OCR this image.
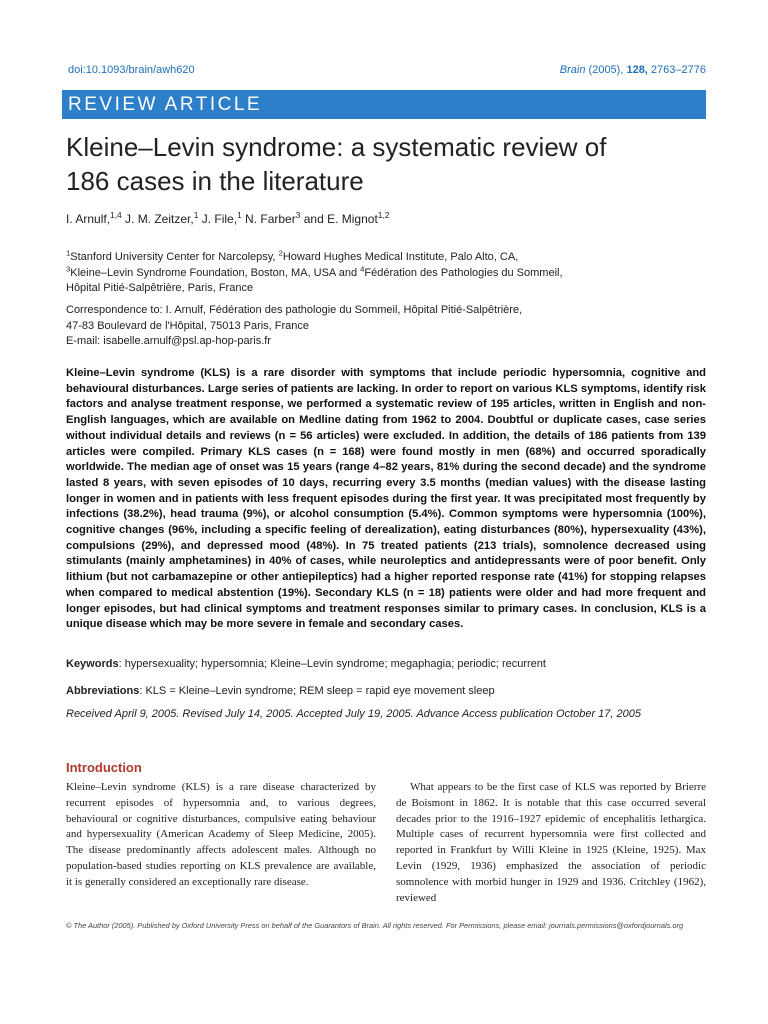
doi:10.1093/brain/awh620	Brain (2005), 128, 2763–2776
REVIEW ARTICLE
Kleine–Levin syndrome: a systematic review of
186 cases in the literature
I. Arnulf,$^{1,4}$ J. M. Zeitzer,$^1$ J. File,$^1$ N. Farber$^3$ and E. Mignot$^{1,2}$
$^1$Stanford University Center for Narcolepsy, $^2$Howard Hughes Medical Institute, Palo Alto, CA,
$^3$Kleine–Levin Syndrome Foundation, Boston, MA, USA and $^4$Fédération des Pathologies du Sommeil,
Hôpital Pitié-Salpêtrière, Paris, France
Correspondence to: I. Arnulf, Fédération des pathologie du Sommeil, Hôpital Pitié-Salpêtrière,
47-83 Boulevard de l'Hôpital, 75013 Paris, France
E-mail: isabelle.arnulf@psl.ap-hop-paris.fr
Kleine–Levin syndrome (KLS) is a rare disorder with symptoms that include periodic hypersomnia, cognitive and behavioural disturbances. Large series of patients are lacking. In order to report on various KLS symptoms, identify risk factors and analyse treatment response, we performed a systematic review of 195 articles, written in English and non-English languages, which are available on Medline dating from 1962 to 2004. Doubtful or duplicate cases, case series without individual details and reviews (n = 56 articles) were excluded. In addition, the details of 186 patients from 139 articles were compiled. Primary KLS cases (n = 168) were found mostly in men (68%) and occurred sporadically worldwide. The median age of onset was 15 years (range 4–82 years, 81% during the second decade) and the syndrome lasted 8 years, with seven episodes of 10 days, recurring every 3.5 months (median values) with the disease lasting longer in women and in patients with less frequent episodes during the first year. It was precipitated most frequently by infections (38.2%), head trauma (9%), or alcohol consumption (5.4%). Common symptoms were hypersomnia (100%), cognitive changes (96%, including a specific feeling of derealization), eating disturbances (80%), hypersexuality (43%), compulsions (29%), and depressed mood (48%). In 75 treated patients (213 trials), somnolence decreased using stimulants (mainly amphetamines) in 40% of cases, while neuroleptics and antidepressants were of poor benefit. Only lithium (but not carbamazepine or other antiepileptics) had a higher reported response rate (41%) for stopping relapses when compared to medical abstention (19%). Secondary KLS (n = 18) patients were older and had more frequent and longer episodes, but had clinical symptoms and treatment responses similar to primary cases. In conclusion, KLS is a unique disease which may be more severe in female and secondary cases.
Keywords: hypersexuality; hypersomnia; Kleine–Levin syndrome; megaphagia; periodic; recurrent
Abbreviations: KLS = Kleine–Levin syndrome; REM sleep = rapid eye movement sleep
Received April 9, 2005. Revised July 14, 2005. Accepted July 19, 2005. Advance Access publication October 17, 2005
Introduction
Kleine–Levin syndrome (KLS) is a rare disease characterized by recurrent episodes of hypersomnia and, to various degrees, behavioural or cognitive disturbances, compulsive eating behaviour and hypersexuality (American Academy of Sleep Medicine, 2005). The disease predominantly affects adolescent males. Although no population-based studies reporting on KLS prevalence are available, it is generally considered an exceptionally rare disease.
What appears to be the first case of KLS was reported by Brierre de Boismont in 1862. It is notable that this case occurred several decades prior to the 1916–1927 epidemic of encephalitis lethargica. Multiple cases of recurrent hypersomnia were first collected and reported in Frankfurt by Willi Kleine in 1925 (Kleine, 1925). Max Levin (1929, 1936) emphasized the association of periodic somnolence with morbid hunger in 1929 and 1936. Critchley (1962), reviewed
© The Author (2005). Published by Oxford University Press on behalf of the Guarantors of Brain. All rights reserved. For Permissions, please email: journals.permissions@oxfordjournals.org
